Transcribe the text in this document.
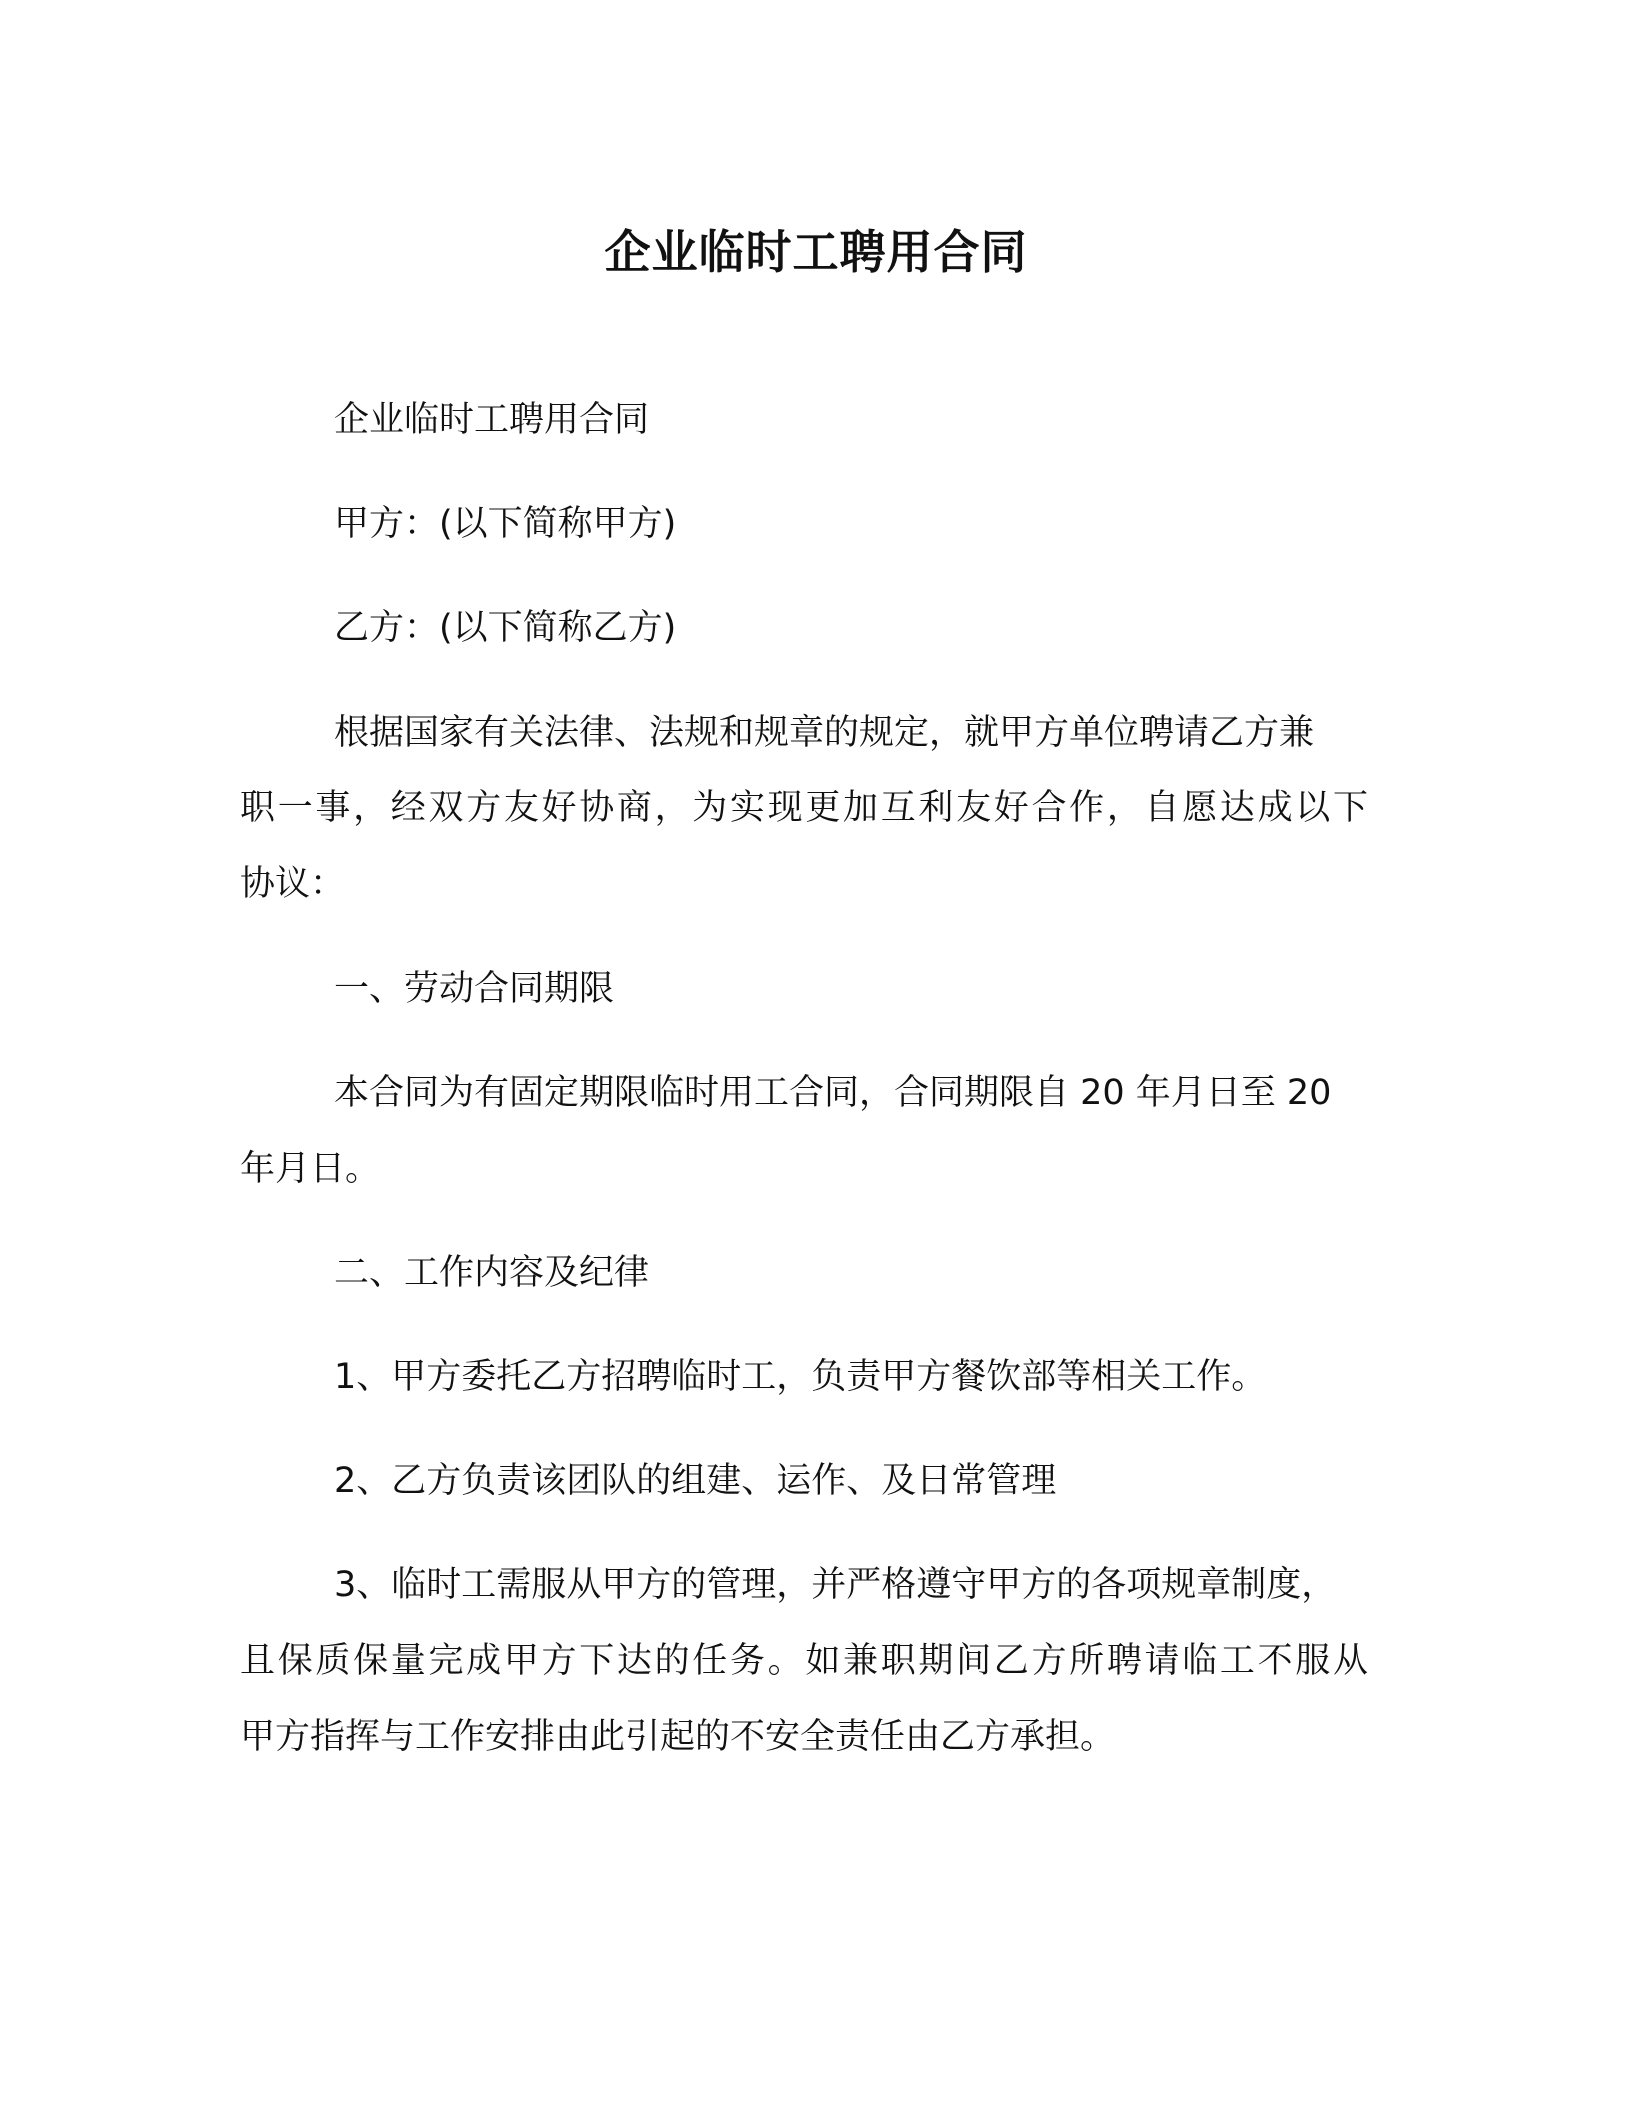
企业临时工聘用合同
企业临时工聘用合同
甲方：(以下简称甲方)
乙方：(以下简称乙方)
根据国家有关法律、法规和规章的规定，就甲方单位聘请乙方兼
职一事，经双方友好协商，为实现更加互利友好合作，自愿达成以下
协议：
一、劳动合同期限
本合同为有固定期限临时用工合同，合同期限自 20 年月日至 20
年月日。
二、工作内容及纪律
1、甲方委托乙方招聘临时工，负责甲方餐饮部等相关工作。
2、乙方负责该团队的组建、运作、及日常管理
3、临时工需服从甲方的管理，并严格遵守甲方的各项规章制度，
且保质保量完成甲方下达的任务。如兼职期间乙方所聘请临工不服从
甲方指挥与工作安排由此引起的不安全责任由乙方承担。
